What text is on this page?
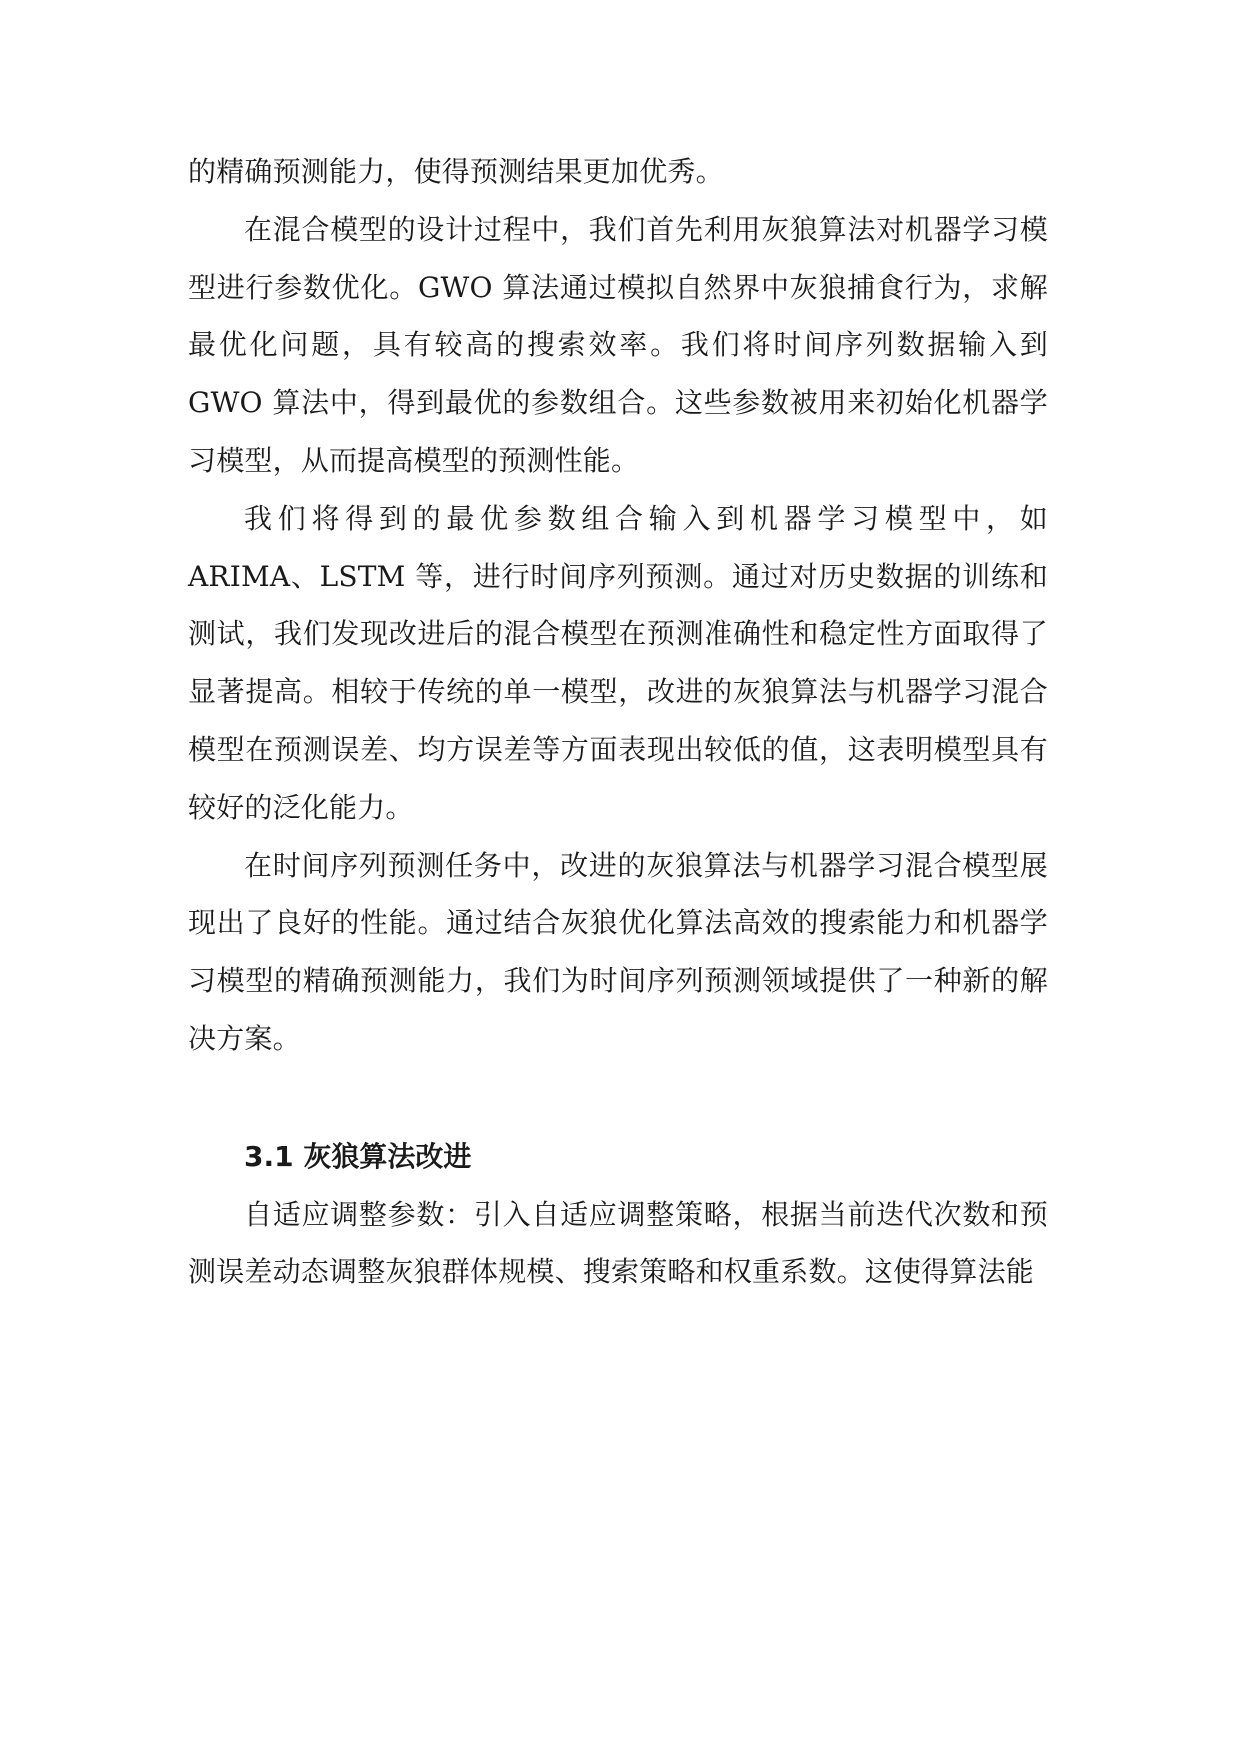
的精确预测能力，使得预测结果更加优秀。

在混合模型的设计过程中，我们首先利用灰狼算法对机器学习模型进行参数优化。GWO 算法通过模拟自然界中灰狼捕食行为，求解最优化问题，具有较高的搜索效率。我们将时间序列数据输入到 GWO 算法中，得到最优的参数组合。这些参数被用来初始化机器学习模型，从而提高模型的预测性能。

我们将得到的最优参数组合输入到机器学习模型中，如 ARIMA、LSTM 等，进行时间序列预测。通过对历史数据的训练和测试，我们发现改进后的混合模型在预测准确性和稳定性方面取得了显著提高。相较于传统的单一模型，改进的灰狼算法与机器学习混合模型在预测误差、均方误差等方面表现出较低的值，这表明模型具有较好的泛化能力。

在时间序列预测任务中，改进的灰狼算法与机器学习混合模型展现出了良好的性能。通过结合灰狼优化算法高效的搜索能力和机器学习模型的精确预测能力，我们为时间序列预测领域提供了一种新的解决方案。

3.1 灰狼算法改进

自适应调整参数：引入自适应调整策略，根据当前迭代次数和预测误差动态调整灰狼群体规模、搜索策略和权重系数。这使得算法能
